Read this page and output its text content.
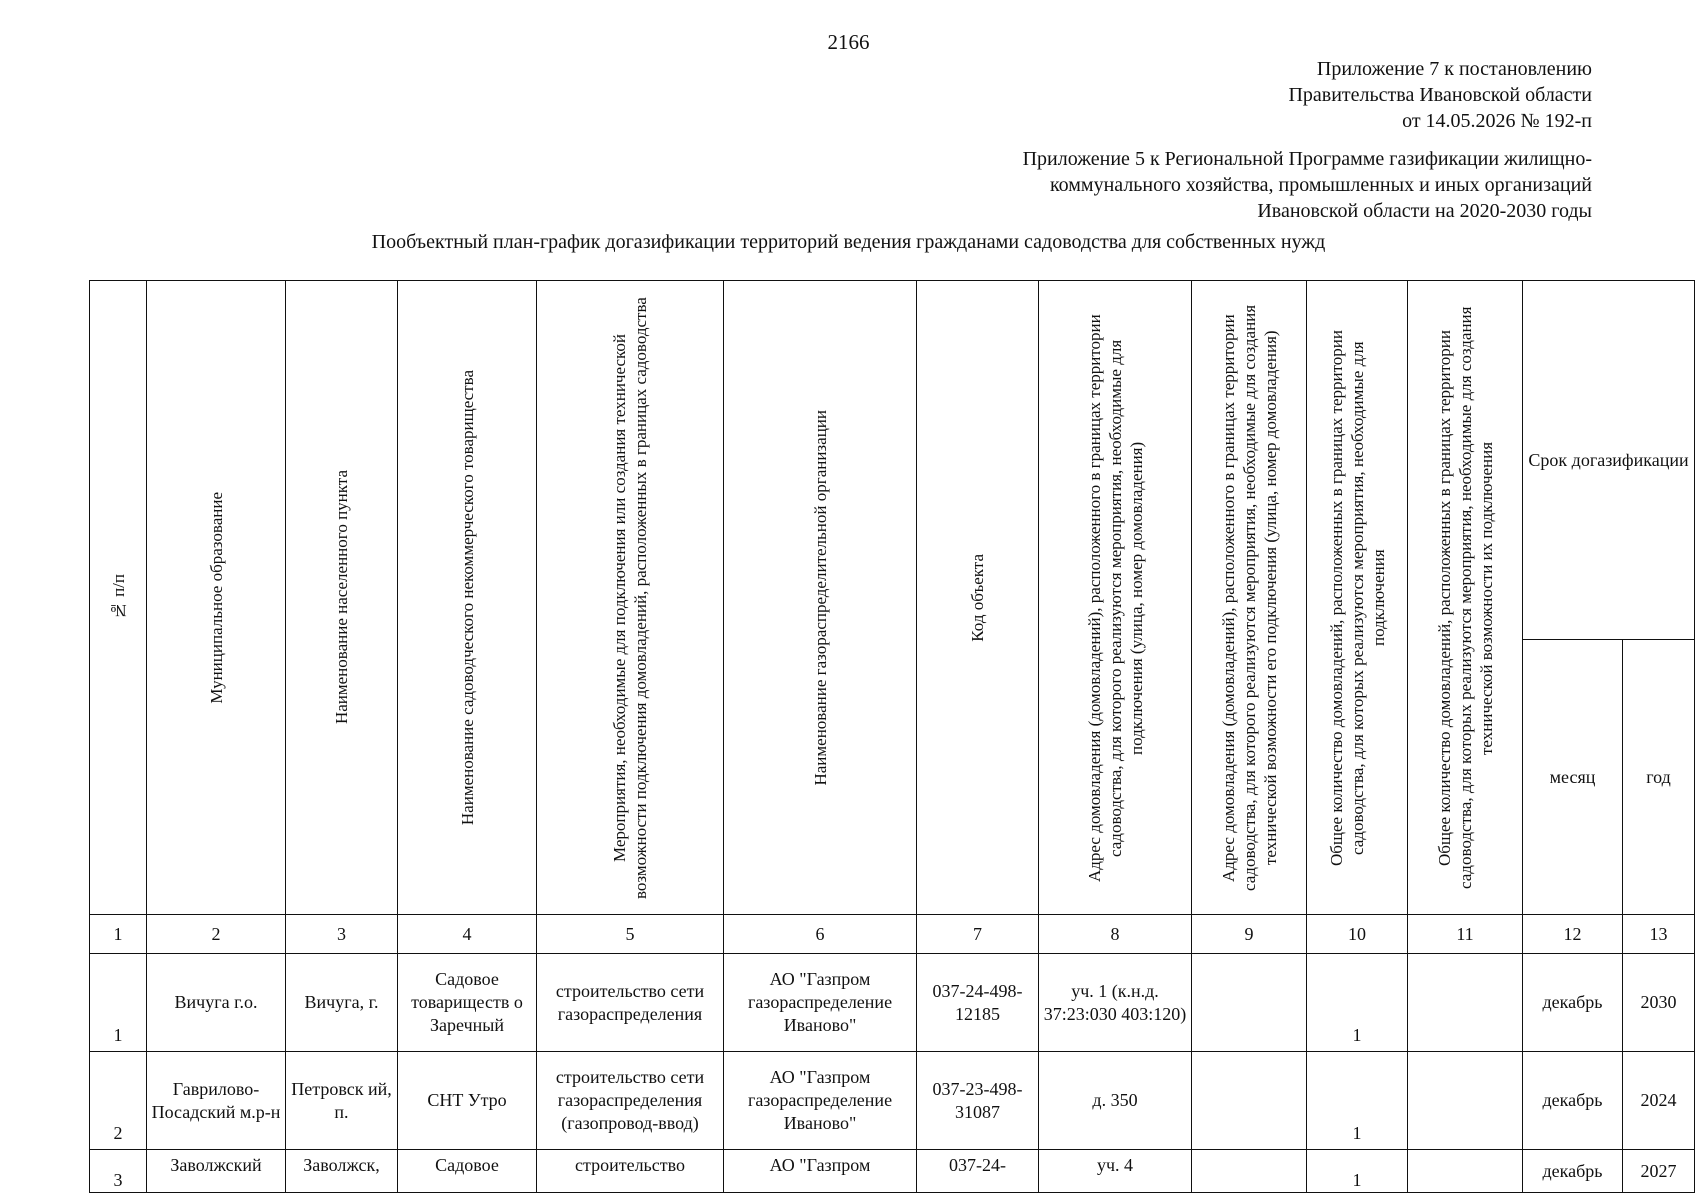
2166
Приложение 7 к постановлению
Правительства Ивановской области
от 14.05.2026 № 192-п
Приложение 5 к Региональной Программе газификации жилищно-
коммунального хозяйства, промышленных и иных организаций
Ивановской области на 2020-2030 годы
Пообъектный план-график догазификации территорий ведения гражданами садоводства для собственных нужд
№ п/п	Муниципальное образование	Наименование населенного пункта	Наименование садоводческого некоммерческого товарищества	Мероприятия, необходимые для подключения или создания технической возможности подключения домовладений, расположенных в границах садоводства	Наименование газораспределительной организации	Код объекта	Адрес домовладения (домовладений), расположенного в границах территории садоводства, для которого реализуются мероприятия, необходимые для подключения (улица, номер домовладения)	Адрес домовладения (домовладений), расположенного в границах территории садоводства, для которого реализуются мероприятия, необходимые для создания технической возможности его подключения (улица, номер домовладения)	Общее количество домовладений, расположенных в границах территории садоводства, для которых реализуются мероприятия, необходимые для подключения	Общее количество домовладений, расположенных в границах территории садоводства, для которых реализуются мероприятия, необходимые для создания технической возможности их подключения	Срок догазификации	
											месяц	год
1	2	3	4	5	6	7	8	9	10	11	12	13
1	Вичуга г.о.	Вичуга, г.	Садовое товариществ о Заречный	строительство сети газораспределения	АО "Газпром газораспределение Иваново"	037-24-498-12185	уч. 1 (к.н.д. 37:23:030 403:120)		1		декабрь	2030
2	Гаврилово-Посадский м.р-н	Петровск ий, п.	СНТ Утро	строительство сети газораспределения (газопровод-ввод)	АО "Газпром газораспределение Иваново"	037-23-498-31087	д. 350		1		декабрь	2024
3	Заволжский	Заволжск,	Садовое	строительство	АО "Газпром	037-24-	уч. 4		1		декабрь	2027
